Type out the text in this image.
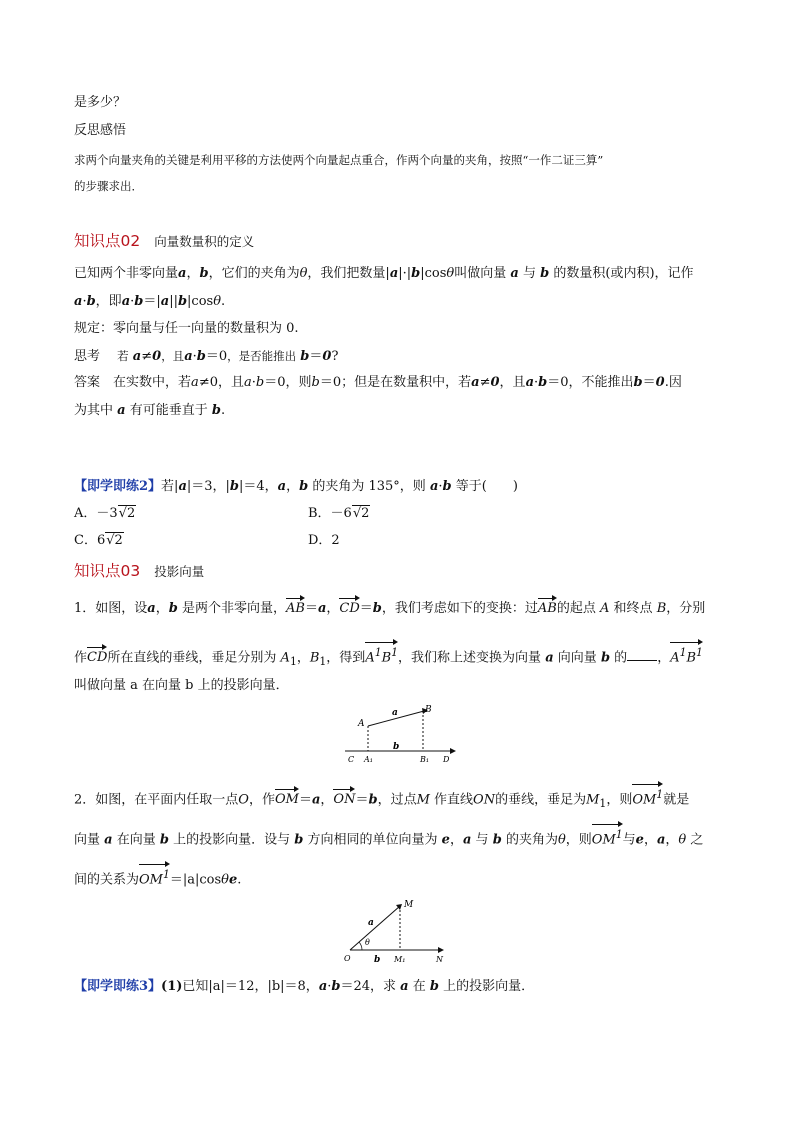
是多少？
反思感悟
求两个向量夹角的关键是利用平移的方法使两个向量起点重合，作两个向量的夹角，按照“一作二证三算”
的步骤求出．
知识点02 向量数量积的定义
已知两个非零向量a，b，它们的夹角为θ，我们把数量|a|·|b|cosθ叫做向量 a 与 b 的数量积(或内积)，记作
a·b，即a·b＝|a||b|cosθ.
规定：零向量与任一向量的数量积为 0.
思考　 若 a≠0，且a·b＝0，是否能推出 b＝0?
答案　 在实数中，若a≠0，且a·b＝0，则b＝0；但是在数量积中，若a≠0，且a·b＝0，不能推出b＝0.因
为其中 a 有可能垂直于 b.
【即学即练2】若|a|＝3，|b|＝4，a，b 的夹角为 135°，则 a·b 等于(　　)
A．－3√2	B．－6√2
C．6√2	D．2
知识点03 投影向量
1．如图，设a，b 是两个非零向量，AB＝a，CD＝b，我们考虑如下的变换：过AB的起点 A 和终点 B，分别
作CD所在直线的垂线，垂足分别为 $A_1$，$B_1$，得到$A^1B^1$，我们称上述变换为向量 a 向向量 b 的 ，$A^1B^1$
叫做向量 a 在向量 b 上的投影向量．
A
a	B
b
C A₁	B₁ D
2．如图，在平面内任取一点O，作OM＝a，ON＝b，过点M 作直线ON的垂线，垂足为$M_1$，则$OM^1$就是
向量 a 在向量 b 上的投影向量．设与 b 方向相同的单位向量为 e，a 与 b 的夹角为θ，则$OM^1$与e，a，θ 之
间的关系为$OM^1=|a|\cos\theta e$.
M
a
θ
O	b M₁	N
【即学即练3】(1)已知|a|＝12，|b|＝8，a·b＝24，求 a 在 b 上的投影向量．
